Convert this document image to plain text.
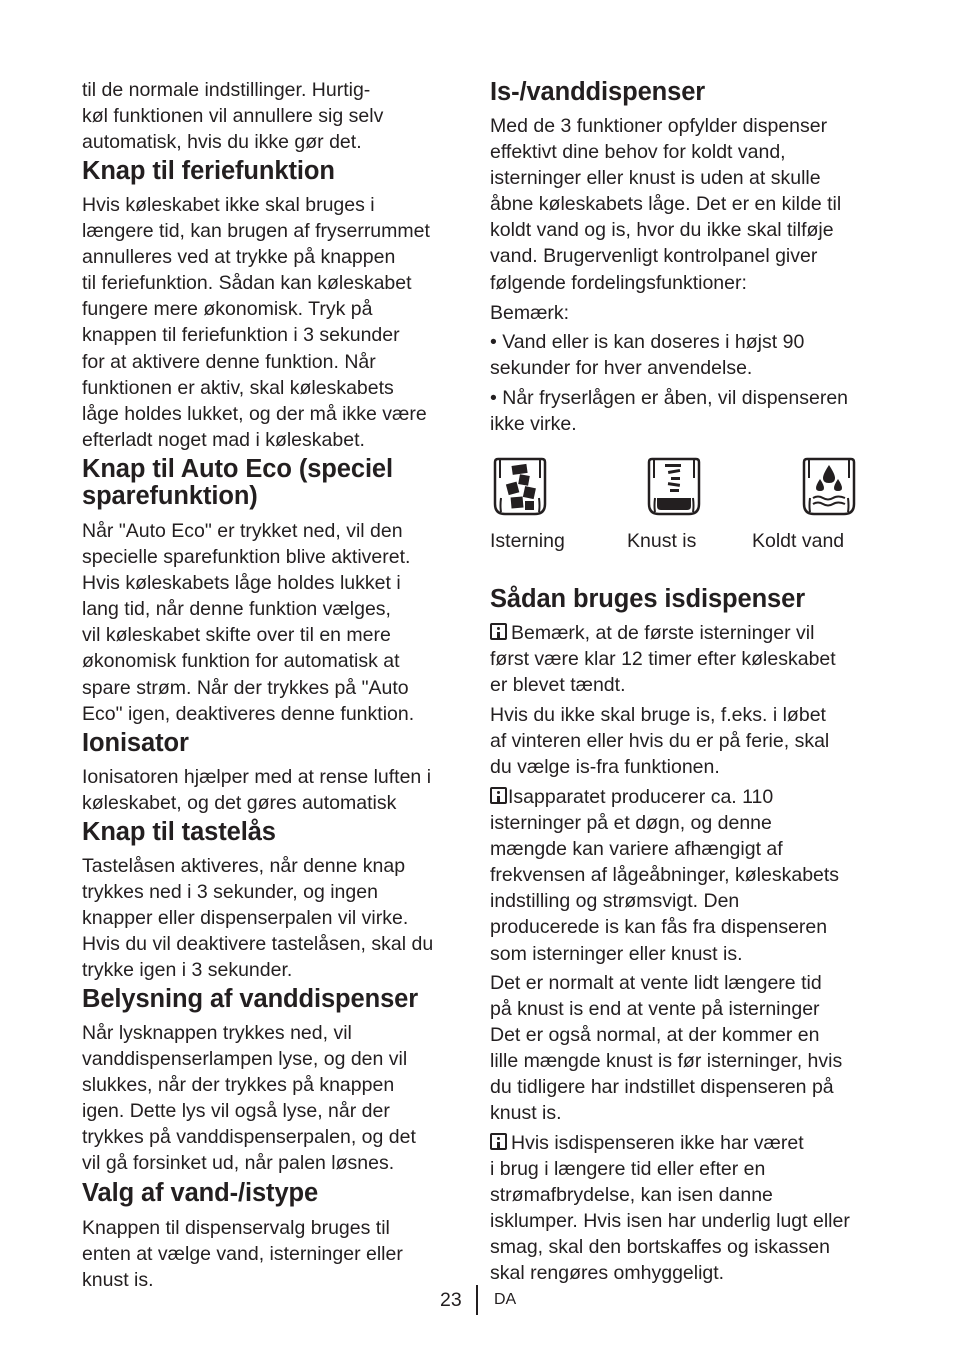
til de normale indstillinger. Hurtig-
køl funktionen vil annullere sig selv
automatisk, hvis du ikke gør det.

Knap til feriefunktion

Hvis køleskabet ikke skal bruges i
længere tid, kan brugen af fryserrummet
annulleres ved at trykke på knappen
til feriefunktion. Sådan kan køleskabet
fungere mere økonomisk. Tryk på
knappen til feriefunktion i 3 sekunder
for at aktivere denne funktion. Når
funktionen er aktiv, skal køleskabets
låge holdes lukket, og der må ikke være
efterladt noget mad i køleskabet.

Knap til Auto Eco (speciel
sparefunktion)

Når "Auto Eco" er trykket ned, vil den
specielle sparefunktion blive aktiveret.
Hvis køleskabets låge holdes lukket i
lang tid, når denne funktion vælges,
vil køleskabet skifte over til en mere
økonomisk funktion for automatisk at
spare strøm. Når der trykkes på "Auto
Eco" igen, deaktiveres denne funktion.

Ionisator

Ionisatoren hjælper med at rense luften i
køleskabet, og det gøres automatisk

Knap til tastelås

Tastelåsen aktiveres, når denne knap
trykkes ned i 3 sekunder, og ingen
knapper eller dispenserpalen vil virke.
Hvis du vil deaktivere tastelåsen, skal du
trykke igen i 3 sekunder.

Belysning af vanddispenser

Når lysknappen trykkes ned, vil
vanddispenserlampen lyse, og den vil
slukkes, når der trykkes på knappen
igen. Dette lys vil også lyse, når der
trykkes på vanddispenserpalen, og det
vil gå forsinket ud, når palen løsnes.

Valg af vand-/istype

Knappen til dispenservalg bruges til
enten at vælge vand, isterninger eller
knust is.

Is-/vanddispenser

Med de 3 funktioner opfylder dispenser
effektivt dine behov for koldt vand,
isterninger eller knust is uden at skulle
åbne køleskabets låge. Det er en kilde til
koldt vand og is, hvor du ikke skal tilføje
vand. Brugervenligt kontrolpanel giver
følgende fordelingsfunktioner:

Bemærk:

• Vand eller is kan doseres i højst 90
sekunder for hver anvendelse.

• Når fryserlågen er åben, vil dispenseren
ikke virke.

Isterning	Knust is	Koldt vand
Sådan bruges isdispenser

Bemærk, at de første isterninger vil
først være klar 12 timer efter køleskabet
er blevet tændt.

Hvis du ikke skal bruge is, f.eks. i løbet
af vinteren eller hvis du er på ferie, skal
du vælge is-fra funktionen.

Isapparatet producerer ca. 110
isterninger på et døgn, og denne
mængde kan variere afhængigt af
frekvensen af lågeåbninger, køleskabets
indstilling og strømsvigt. Den
producerede is kan fås fra dispenseren
som isterninger eller knust is.

Det er normalt at vente lidt længere tid
på knust is end at vente på isterninger
Det er også normal, at der kommer en
lille mængde knust is før isterninger, hvis
du tidligere har indstillet dispenseren på
knust is.

Hvis isdispenseren ikke har været
i brug i længere tid eller efter en
strømafbrydelse, kan isen danne
isklumper. Hvis isen har underlig lugt eller
smag, skal den bortskaffes og iskassen
skal rengøres omhyggeligt.

23 DA
